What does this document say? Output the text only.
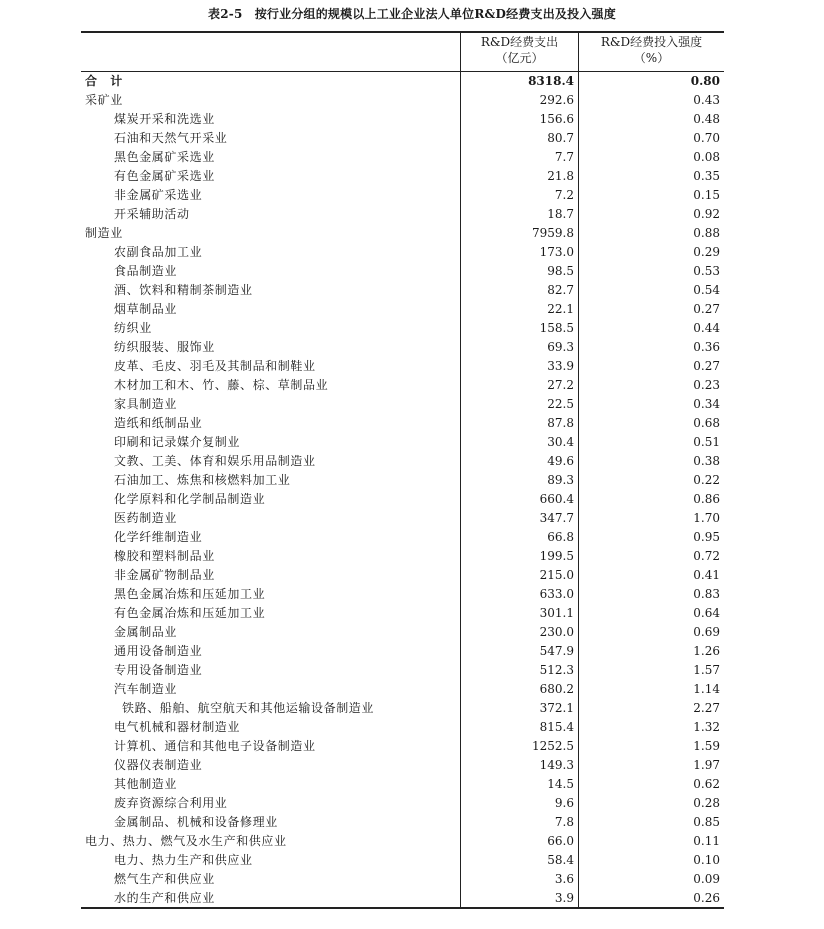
表2-5　按行业分组的规模以上工业企业法人单位R&D经费支出及投入强度
R&D经费支出
（亿元）
R&D经费投入强度
（%）
合　计	8318.4	0.80
采矿业	292.6	0.43
煤炭开采和洗选业	156.6	0.48
石油和天然气开采业	80.7	0.70
黑色金属矿采选业	7.7	0.08
有色金属矿采选业	21.8	0.35
非金属矿采选业	7.2	0.15
开采辅助活动	18.7	0.92
制造业	7959.8	0.88
农副食品加工业	173.0	0.29
食品制造业	98.5	0.53
酒、饮料和精制茶制造业	82.7	0.54
烟草制品业	22.1	0.27
纺织业	158.5	0.44
纺织服装、服饰业	69.3	0.36
皮革、毛皮、羽毛及其制品和制鞋业	33.9	0.27
木材加工和木、竹、藤、棕、草制品业	27.2	0.23
家具制造业	22.5	0.34
造纸和纸制品业	87.8	0.68
印刷和记录媒介复制业	30.4	0.51
文教、工美、体育和娱乐用品制造业	49.6	0.38
石油加工、炼焦和核燃料加工业	89.3	0.22
化学原料和化学制品制造业	660.4	0.86
医药制造业	347.7	1.70
化学纤维制造业	66.8	0.95
橡胶和塑料制品业	199.5	0.72
非金属矿物制品业	215.0	0.41
黑色金属冶炼和压延加工业	633.0	0.83
有色金属冶炼和压延加工业	301.1	0.64
金属制品业	230.0	0.69
通用设备制造业	547.9	1.26
专用设备制造业	512.3	1.57
汽车制造业	680.2	1.14
铁路、船舶、航空航天和其他运输设备制造业	372.1	2.27
电气机械和器材制造业	815.4	1.32
计算机、通信和其他电子设备制造业	1252.5	1.59
仪器仪表制造业	149.3	1.97
其他制造业	14.5	0.62
废弃资源综合利用业	9.6	0.28
金属制品、机械和设备修理业	7.8	0.85
电力、热力、燃气及水生产和供应业	66.0	0.11
电力、热力生产和供应业	58.4	0.10
燃气生产和供应业	3.6	0.09
水的生产和供应业	3.9	0.26
